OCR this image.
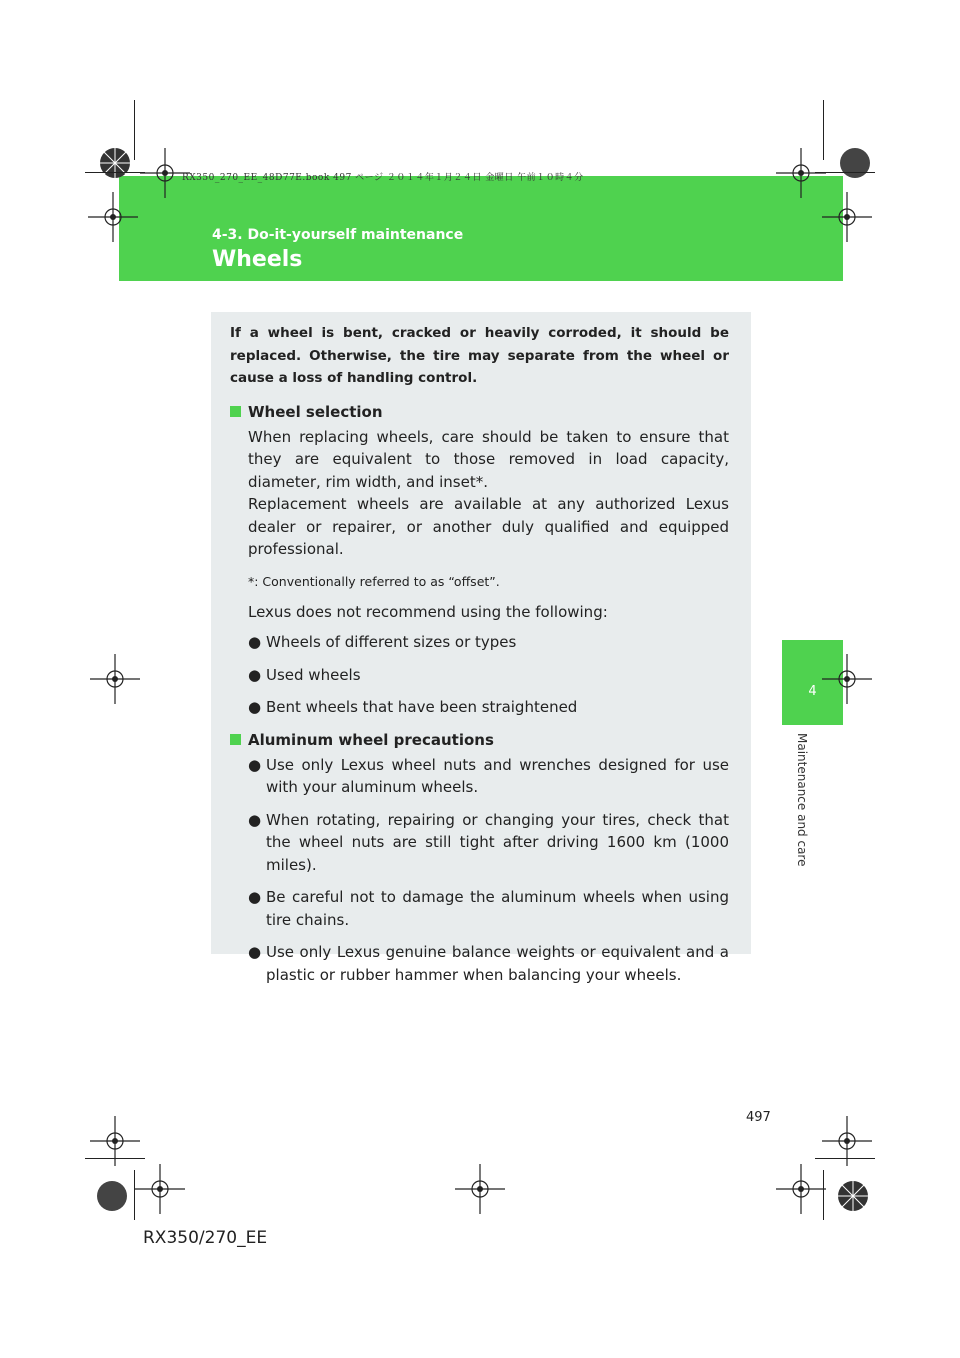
RX350_270_EE_48D77E.book 497 ページ ２０１４年１月２４日 金曜日 午前１０時４分
4-3. Do-it-yourself maintenance
Wheels
4
Maintenance and care

If a wheel is bent, cracked or heavily corroded, it should be replaced. Otherwise, the tire may separate from the wheel or cause a loss of handling control.

Wheel selection

When replacing wheels, care should be taken to ensure that they are equivalent to those removed in load capacity, diameter, rim width, and inset*.

Replacement wheels are available at any authorized Lexus dealer or repairer, or another duly qualified and equipped professional.

*: Conventionally referred to as “offset”.

Lexus does not recommend using the following:

● Wheels of different sizes or types
● Used wheels
● Bent wheels that have been straightened
Aluminum wheel precautions
● Use only Lexus wheel nuts and wrenches designed for use with your aluminum wheels.
● When rotating, repairing or changing your tires, check that the wheel nuts are still tight after driving 1600 km (1000 miles).
● Be careful not to damage the aluminum wheels when using tire chains.
● Use only Lexus genuine balance weights or equivalent and a plastic or rubber hammer when balancing your wheels.
497
RX350/270_EE
